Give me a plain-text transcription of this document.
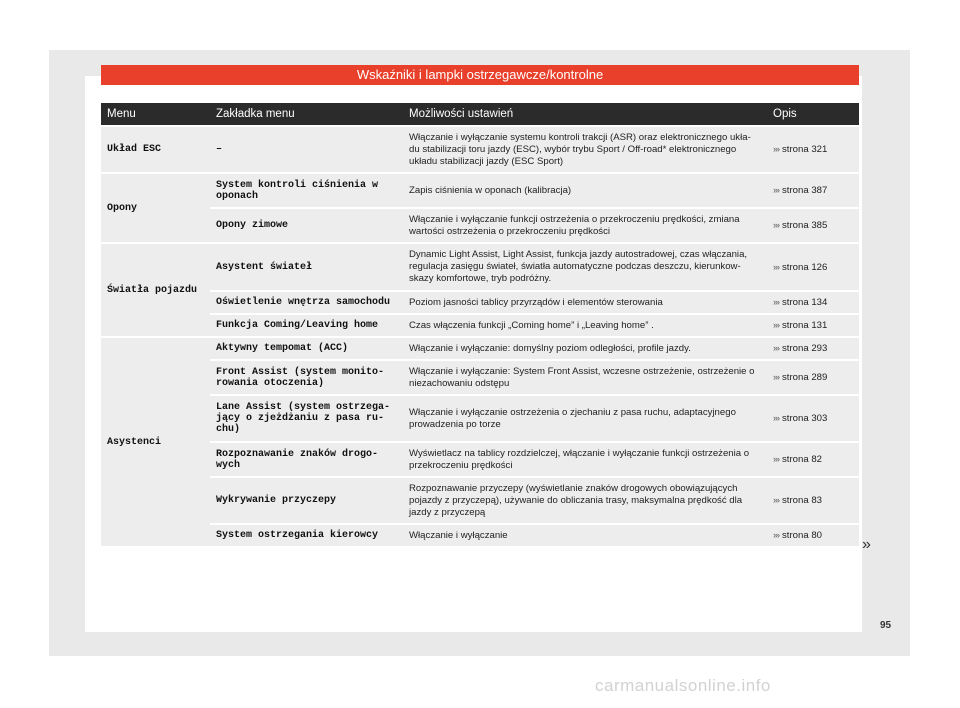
Wskaźniki i lampki ostrzegawcze/kontrolne
Menu	Zakładka menu	Możliwości ustawień	Opis
Układ ESC	–	Włączanie i wyłączanie systemu kontroli trakcji (ASR) oraz elektronicznego ukła-du stabilizacji toru jazdy (ESC), wybór trybu Sport / Off-road* elektronicznego układu stabilizacji jazdy (ESC Sport)	››› strona 321
Opony	System kontroli ciśnienia w oponach	Zapis ciśnienia w oponach (kalibracja)	››› strona 387
	Opony zimowe	Włączanie i wyłączanie funkcji ostrzeżenia o przekroczeniu prędkości, zmiana wartości ostrzeżenia o przekroczeniu prędkości	››› strona 385
Światła pojazdu	Asystent świateł	Dynamic Light Assist, Light Assist, funkcja jazdy autostradowej, czas włączania, regulacja zasięgu świateł, światła automatyczne podczas deszczu, kierunkow-skazy komfortowe, tryb podróżny.	››› strona 126
	Oświetlenie wnętrza samochodu	Poziom jasności tablicy przyrządów i elementów sterowania	››› strona 134
	Funkcja Coming/Leaving home	Czas włączenia funkcji „Coming home” i „Leaving home” .	››› strona 131
Asystenci	Aktywny tempomat (ACC)	Włączanie i wyłączanie: domyślny poziom odległości, profile jazdy.	››› strona 293
	Front Assist (system monito-rowania otoczenia)	Włączanie i wyłączanie: System Front Assist, wczesne ostrzeżenie, ostrzeżenie o niezachowaniu odstępu	››› strona 289
	Lane Assist (system ostrzega-jący o zjeżdżaniu z pasa ru-chu)	Włączanie i wyłączanie ostrzeżenia o zjechaniu z pasa ruchu, adaptacyjnego prowadzenia po torze	››› strona 303
	Rozpoznawanie znaków drogo-wych	Wyświetlacz na tablicy rozdzielczej, włączanie i wyłączanie funkcji ostrzeżenia o przekroczeniu prędkości	››› strona 82
	Wykrywanie przyczepy	Rozpoznawanie przyczepy (wyświetlanie znaków drogowych obowiązujących pojazdy z przyczepą), używanie do obliczania trasy, maksymalna prędkość dla jazdy z przyczepą	››› strona 83
	System ostrzegania kierowcy	Włączanie i wyłączanie	››› strona 80
»
95
carmanualsonline.info
